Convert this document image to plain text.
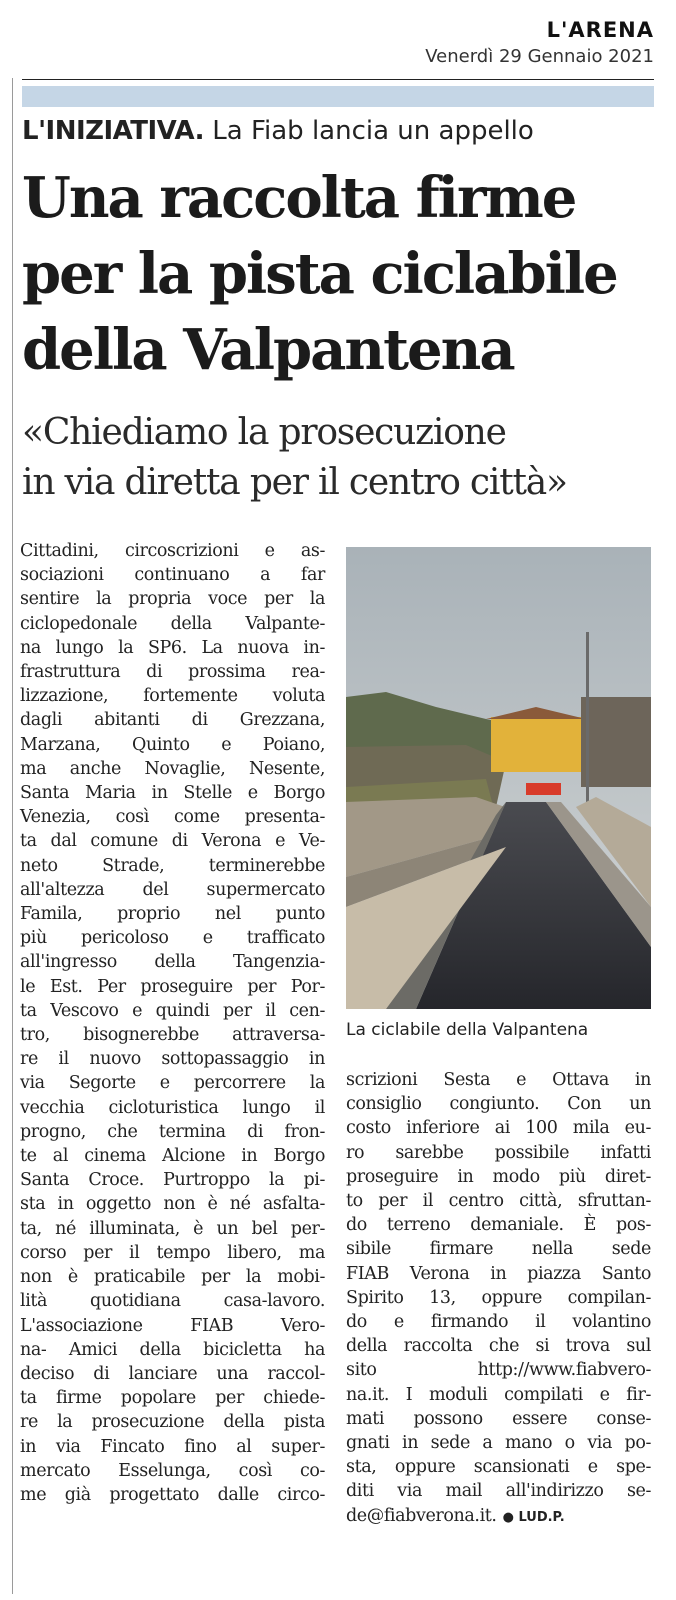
L'ARENA
Venerdì 29 Gennaio 2021
L'INIZIATIVA. La Fiab lancia un appello
Una raccolta firme
per la pista ciclabile
della Valpantena
«Chiediamo la prosecuzione
in via diretta per il centro città»
Cittadini, circoscrizioni e as-
sociazioni continuano a far
sentire la propria voce per la
ciclopedonale della Valpante-
na lungo la SP6. La nuova in-
frastruttura di prossima rea-
lizzazione, fortemente voluta
dagli abitanti di Grezzana,
Marzana, Quinto e Poiano,
ma anche Novaglie, Nesente,
Santa Maria in Stelle e Borgo
Venezia, così come presenta-
ta dal comune di Verona e Ve-
neto Strade, terminerebbe
all'altezza del supermercato
Famila, proprio nel punto
più pericoloso e trafficato
all'ingresso della Tangenzia-
le Est. Per proseguire per Por-
ta Vescovo e quindi per il cen-
tro, bisognerebbe attraversa-
re il nuovo sottopassaggio in
via Segorte e percorrere la
vecchia cicloturistica lungo il
progno, che termina di fron-
te al cinema Alcione in Borgo
Santa Croce. Purtroppo la pi-
sta in oggetto non è né asfalta-
ta, né illuminata, è un bel per-
corso per il tempo libero, ma
non è praticabile per la mobi-
lità quotidiana casa-lavoro.
L'associazione FIAB Vero-
na- Amici della bicicletta ha
deciso di lanciare una raccol-
ta firme popolare per chiede-
re la prosecuzione della pista
in via Fincato fino al super-
mercato Esselunga, così co-
me già progettato dalle circo-
La ciclabile della Valpantena
scrizioni Sesta e Ottava in
consiglio congiunto. Con un
costo inferiore ai 100 mila eu-
ro sarebbe possibile infatti
proseguire in modo più diret-
to per il centro città, sfruttan-
do terreno demaniale. È pos-
sibile firmare nella sede
FIAB Verona in piazza Santo
Spirito 13, oppure compilan-
do e firmando il volantino
della raccolta che si trova sul
sito http://www.fiabvero-
na.it. I moduli compilati e fir-
mati possono essere conse-
gnati in sede a mano o via po-
sta, oppure scansionati e spe-
diti via mail all'indirizzo se-
de@fiabverona.it. ● LUD.P.
